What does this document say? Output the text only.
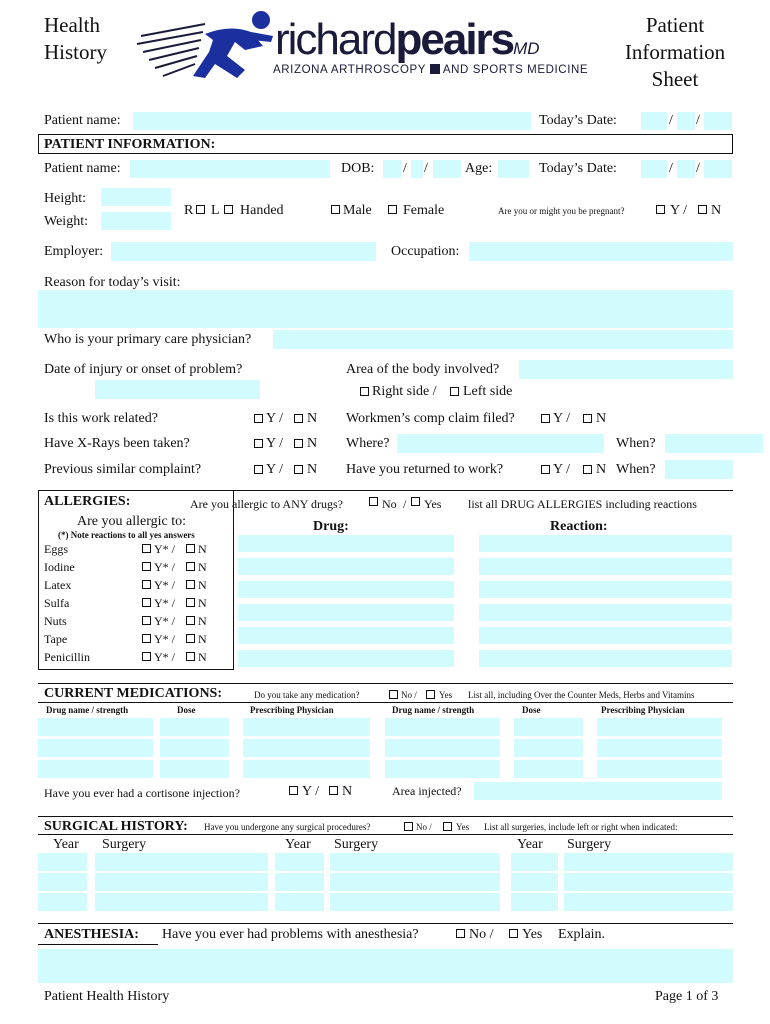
Health
History
Patient
Information
Sheet
richardpeairsMD
ARIZONA ARTHROSCOPY AND SPORTS MEDICINE
Patient name:	Today’s Date:	/ /
PATIENT INFORMATION:
Patient name:	DOB: / /	Age:	Today’s Date:	/ /
Height:
Weight:
R L Handed	Male Female	Are you or might you be pregnant?	Y / N
Employer:	Occupation:
Reason for today’s visit:
Who is your primary care physician?
Date of injury or onset of problem?	Area of the body involved?
Right side / Left side
Is this work related?	Y / N Workmen’s comp claim filed?	Y / N
Have X-Rays been taken?	Y / N Where?	When?
Previous similar complaint?	Y / N Have you returned to work?	Y / N When?
ALLERGIES:	Are you allergic to ANY drugs?	No / Yes list all DRUG ALLERGIES including reactions
Are you allergic to:
(*) Note reactions to all yes answers
Drug:	Reaction:
Eggs	Y* / N
Iodine	Y* / N
Latex	Y* / N
Sulfa	Y* / N
Nuts	Y* / N
Tape	Y* / N
Penicillin	Y* / N
CURRENT MEDICATIONS:	Do you take any medication?	No / Yes List all, including Over the Counter Meds, Herbs and Vitamins
Drug name / strength	Dose	Prescribing Physician	Drug name / strength	Dose	Prescribing Physician
Have you ever had a cortisone injection?	Y / N	Area injected?
SURGICAL HISTORY: Have you undergone any surgical procedures?	No /	Yes List all surgeries, include left or right when indicated:
Year Surgery	Year Surgery	Year Surgery
ANESTHESIA: Have you ever had problems with anesthesia?	No / Yes Explain.
Patient Health History	Page 1 of 3
